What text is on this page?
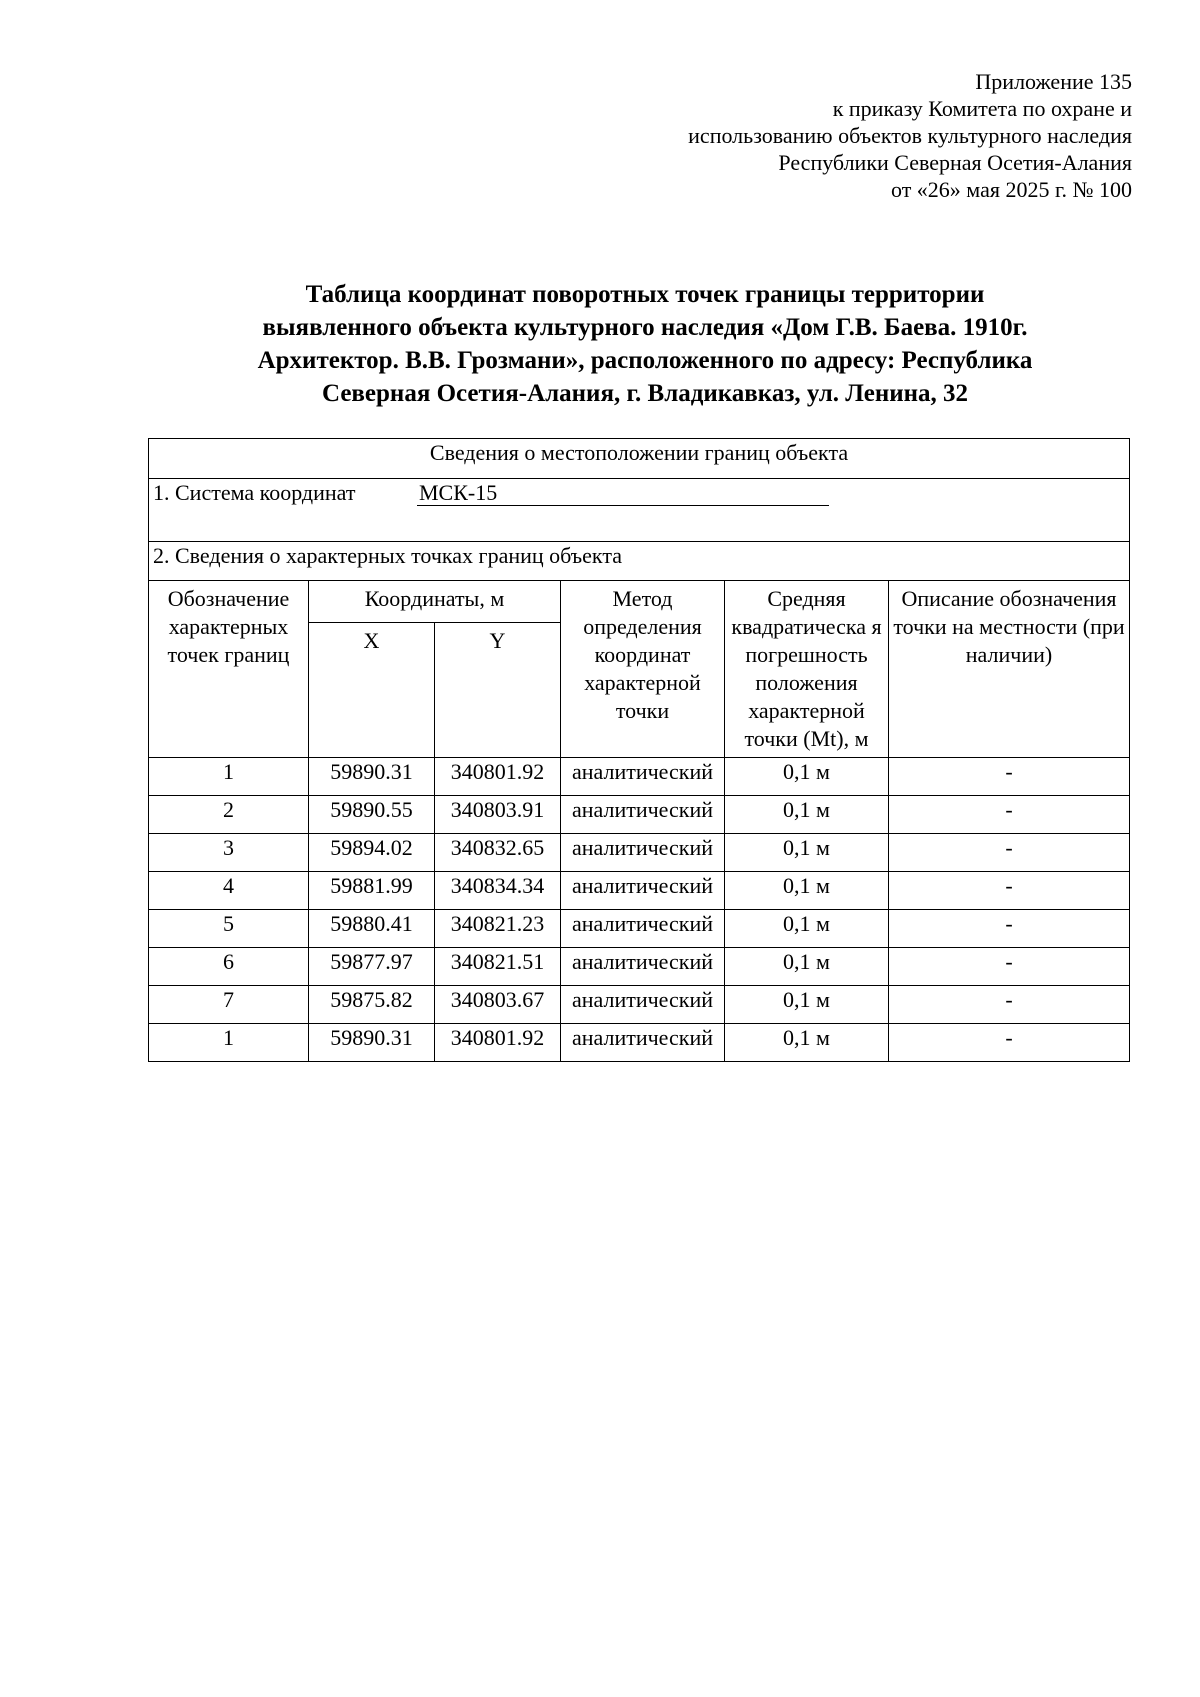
Приложение 135
к приказу Комитета по охране и
использованию объектов культурного наследия
Республики Северная Осетия-Алания
от «26» мая 2025 г. № 100
Таблица координат поворотных точек границы территории
выявленного объекта культурного наследия «Дом Г.В. Баева. 1910г.
Архитектор. В.В. Грозмани», расположенного по адресу: Республика
Северная Осетия-Алания, г. Владикавказ, ул. Ленина, 32
Сведения о местоположении границ объекта					
1. Система координат МСК-15					
2. Сведения о характерных точках границ объекта					
Обозначение характерных точек границ	Координаты, м		Метод определения координат характерной точки	Средняя квадратическа я погрешность положения характерной точки (Mt), м	Описание обозначения точки на местности (при наличии)
	X	Y			
1	59890.31	340801.92	аналитический	0,1 м	-
2	59890.55	340803.91	аналитический	0,1 м	-
3	59894.02	340832.65	аналитический	0,1 м	-
4	59881.99	340834.34	аналитический	0,1 м	-
5	59880.41	340821.23	аналитический	0,1 м	-
6	59877.97	340821.51	аналитический	0,1 м	-
7	59875.82	340803.67	аналитический	0,1 м	-
1	59890.31	340801.92	аналитический	0,1 м	-
